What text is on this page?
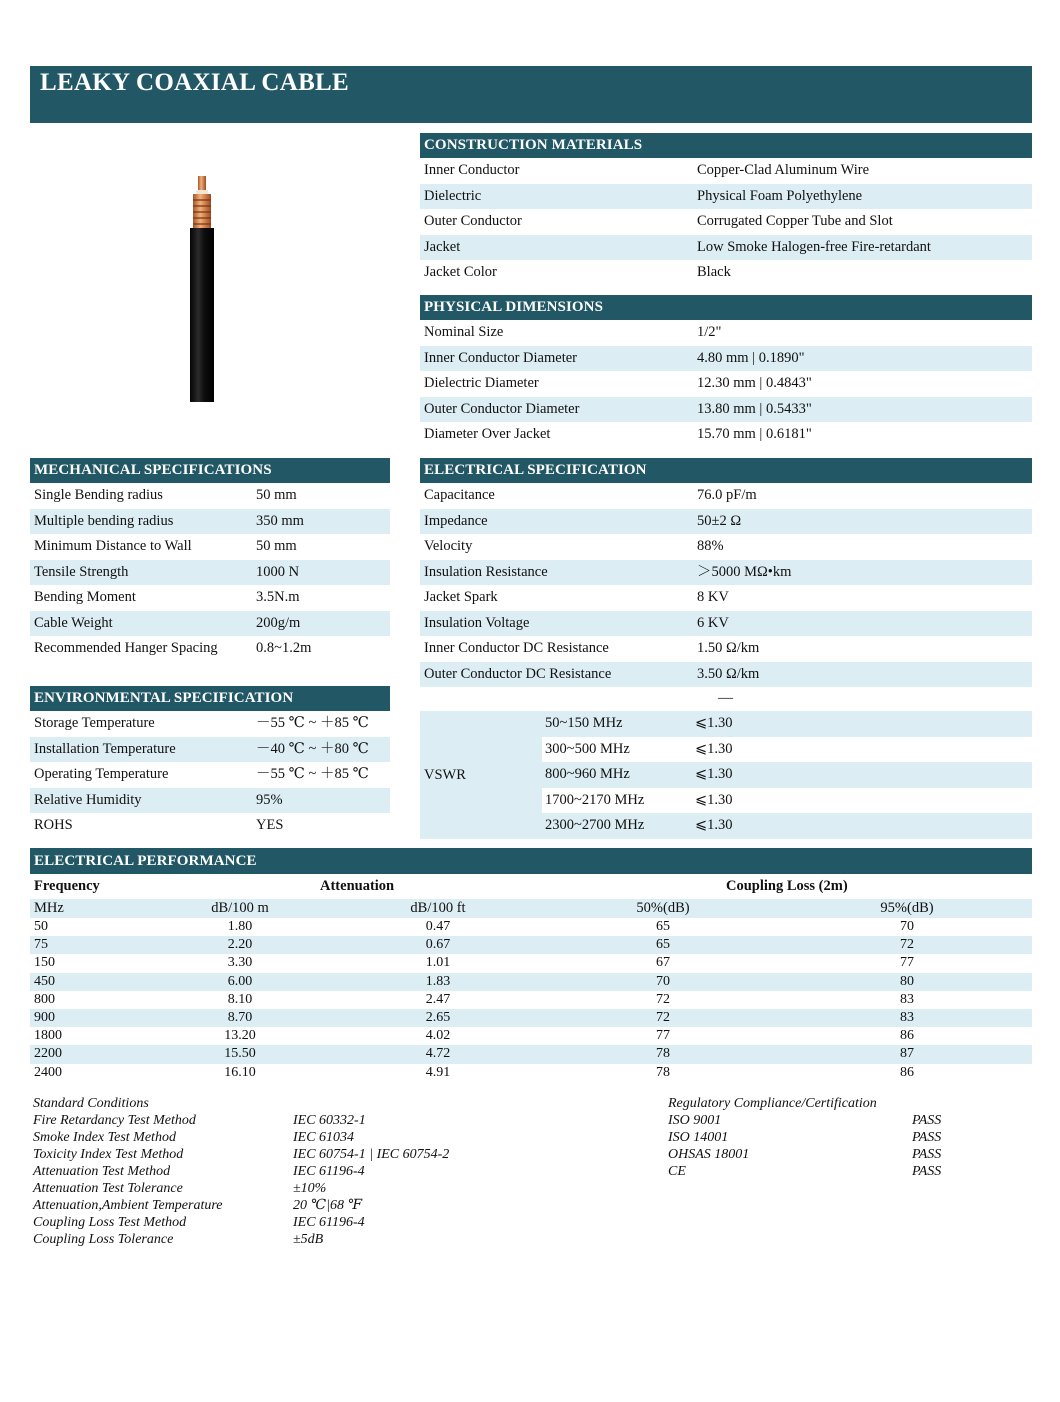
LEAKY COAXIAL CABLE
CONSTRUCTION MATERIALS
Inner Conductor	Copper-Clad Aluminum Wire
Dielectric	Physical Foam Polyethylene
Outer Conductor	Corrugated Copper Tube and Slot
Jacket	Low Smoke Halogen-free Fire-retardant
Jacket Color	Black
PHYSICAL DIMENSIONS
Nominal Size	1/2"
Inner Conductor Diameter	4.80 mm | 0.1890"
Dielectric Diameter	12.30 mm | 0.4843"
Outer Conductor Diameter	13.80 mm | 0.5433"
Diameter Over Jacket	15.70 mm | 0.6181"
MECHANICAL SPECIFICATIONS
Single Bending radius	50 mm
Multiple bending radius	350 mm
Minimum Distance to Wall	50 mm
Tensile Strength	1000 N
Bending Moment	3.5N.m
Cable Weight	200g/m
Recommended Hanger Spacing	0.8~1.2m
ELECTRICAL SPECIFICATION
Capacitance	76.0 pF/m
Impedance	50±2 Ω
Velocity	88%
Insulation Resistance	＞5000 MΩ•km
Jacket Spark	8 KV
Insulation Voltage	6 KV
Inner Conductor DC Resistance	1.50 Ω/km
Outer Conductor DC Resistance	3.50 Ω/km
—
VSWR
50~150 MHz	⩽1.30
300~500 MHz	⩽1.30
800~960 MHz	⩽1.30
1700~2170 MHz	⩽1.30
2300~2700 MHz	⩽1.30
ENVIRONMENTAL SPECIFICATION
Storage Temperature	－55 ℃ ~ ＋85 ℃
Installation Temperature	－40 ℃ ~ ＋80 ℃
Operating Temperature	－55 ℃ ~ ＋85 ℃
Relative Humidity	95%
ROHS	YES
ELECTRICAL PERFORMANCE
Frequency	Attenuation	Coupling Loss (2m)
MHz	dB/100 m	dB/100 ft	50%(dB)	95%(dB)
50	1.80	0.47	65	70
75	2.20	0.67	65	72
150	3.30	1.01	67	77
450	6.00	1.83	70	80
800	8.10	2.47	72	83
900	8.70	2.65	72	83
1800	13.20	4.02	77	86
2200	15.50	4.72	78	87
2400	16.10	4.91	78	86
Standard Conditions
Fire Retardancy Test Method	IEC 60332-1
Smoke Index Test Method	IEC 61034
Toxicity Index Test Method	IEC 60754-1 | IEC 60754-2
Attenuation Test Method	IEC 61196-4
Attenuation Test Tolerance	±10%
Attenuation,Ambient Temperature	20 ℃|68 ℉
Coupling Loss Test Method	IEC 61196-4
Coupling Loss Tolerance	±5dB
Regulatory Compliance/Certification
ISO 9001	PASS
ISO 14001	PASS
OHSAS 18001	PASS
CE	PASS
